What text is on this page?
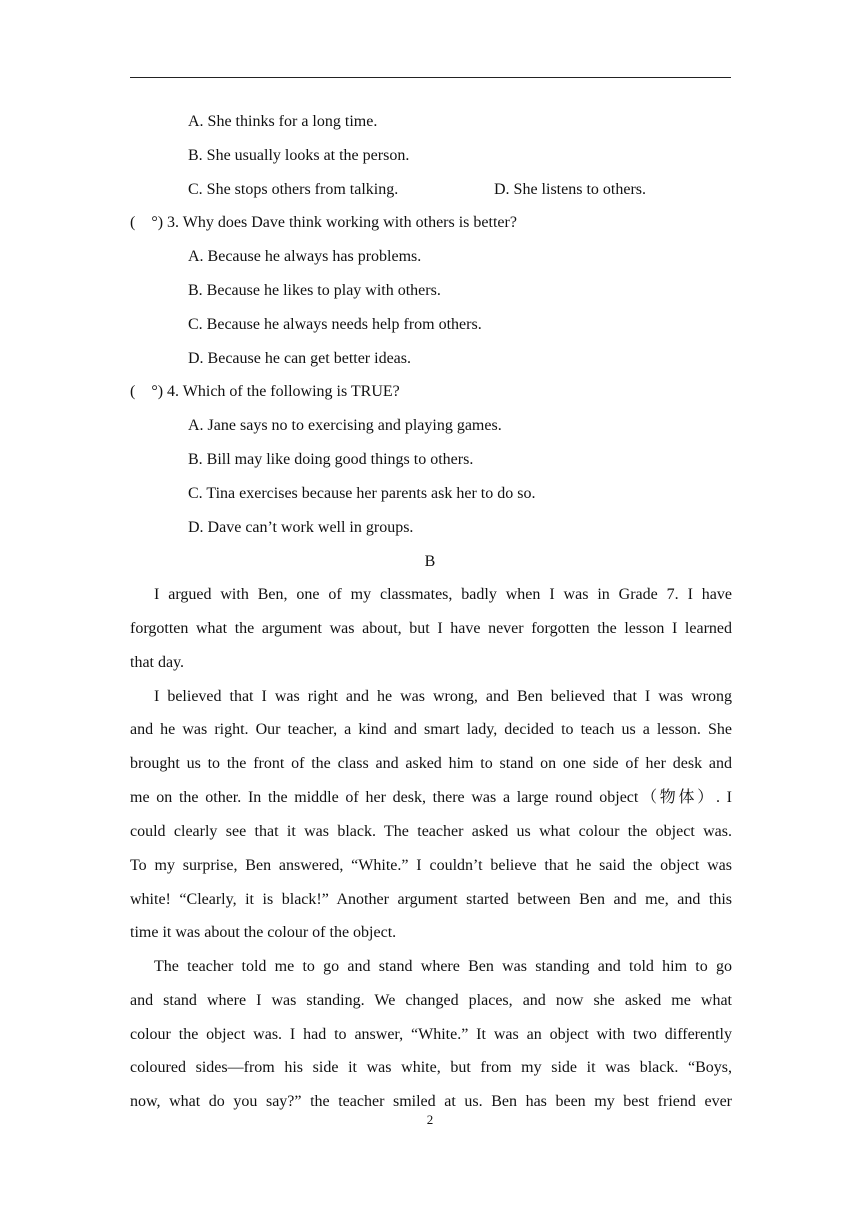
A. She thinks for a long time.
B. She usually looks at the person.
C. She stops others from talking.	D. She listens to others.
(　°) 3. Why does Dave think working with others is better?
A. Because he always has problems.
B. Because he likes to play with others.
C. Because he always needs help from others.
D. Because he can get better ideas.
(　°) 4. Which of the following is TRUE?
A. Jane says no to exercising and playing games.
B. Bill may like doing good things to others.
C. Tina exercises because her parents ask her to do so.
D. Dave can’t work well in groups.
B
I argued with Ben, one of my classmates, badly when I was in Grade 7. I have
forgotten what the argument was about, but I have never forgotten the lesson I learned
that day.
I believed that I was right and he was wrong, and Ben believed that I was wrong
and he was right. Our teacher, a kind and smart lady, decided to teach us a lesson. She
brought us to the front of the class and asked him to stand on one side of her desk and
me on the other. In the middle of her desk, there was a large round object（物体）. I
could clearly see that it was black. The teacher asked us what colour the object was.
To my surprise, Ben answered, “White.” I couldn’t believe that he said the object was
white! “Clearly, it is black!” Another argument started between Ben and me, and this
time it was about the colour of the object.
The teacher told me to go and stand where Ben was standing and told him to go
and stand where I was standing. We changed places, and now she asked me what
colour the object was. I had to answer, “White.” It was an object with two differently
coloured sides—from his side it was white, but from my side it was black. “Boys,
now, what do you say?” the teacher smiled at us. Ben has been my best friend ever
2
